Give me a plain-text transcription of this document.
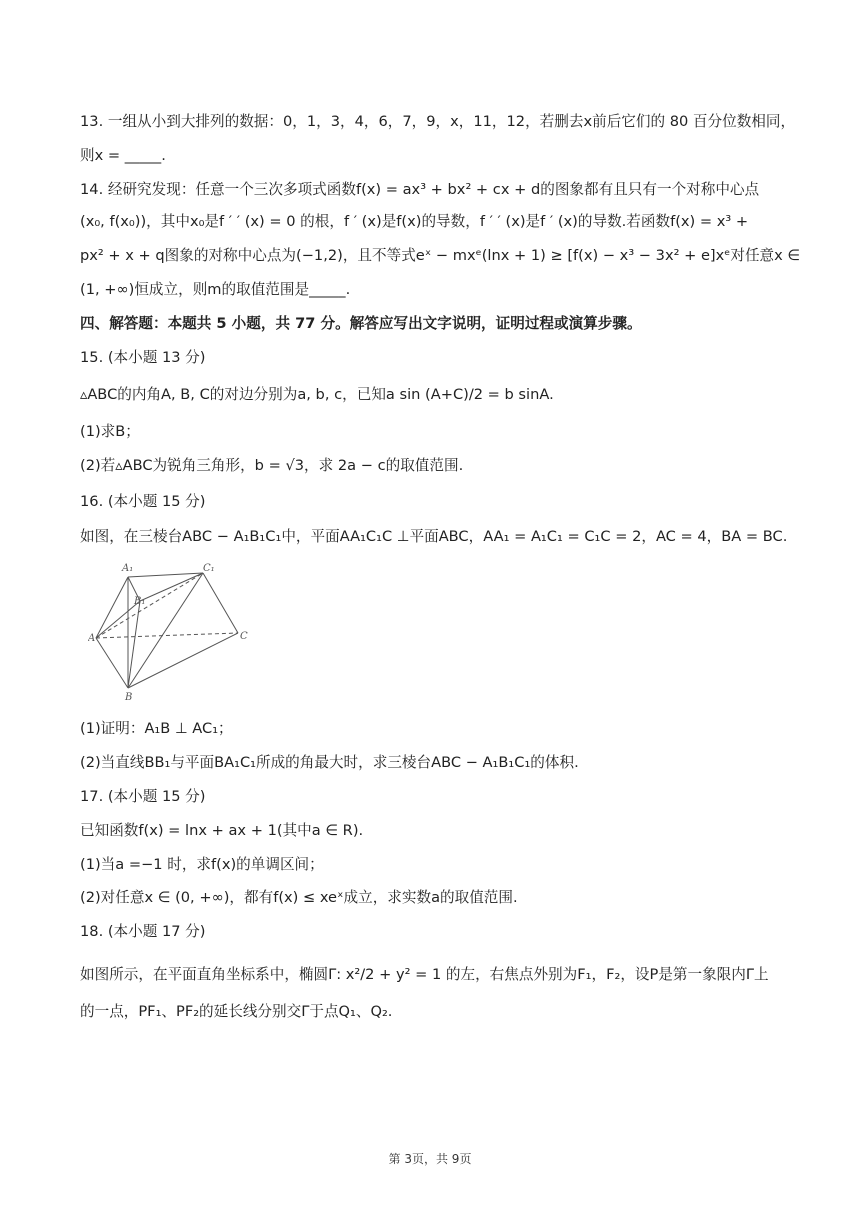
13. 一组从小到大排列的数据：0，1，3，4，6，7，9，x，11，12，若删去x前后它们的 80 百分位数相同，
则x = _____.
14. 经研究发现：任意一个三次多项式函数f(x) = ax³ + bx² + cx + d的图象都有且只有一个对称中心点
(x₀, f(x₀))，其中x₀是f ′ ′ (x) = 0 的根，f ′ (x)是f(x)的导数，f ′ ′ (x)是f ′ (x)的导数.若函数f(x) = x³ +
px² + x + q图象的对称中心点为(−1,2)，且不等式eˣ − mxᵉ(lnx + 1) ≥ [f(x) − x³ − 3x² + e]xᵉ对任意x ∈
(1, +∞)恒成立，则m的取值范围是_____.
四、解答题：本题共 5 小题，共 77 分。解答应写出文字说明，证明过程或演算步骤。
15. (本小题 13 分)
▵ABC的内角A, B, C的对边分别为a, b, c，已知a sin (A+C)/2 = b sinA.
(1)求B；
(2)若▵ABC为锐角三角形，b = √3，求 2a − c的取值范围.
16. (本小题 15 分)
如图，在三棱台ABC − A₁B₁C₁中，平面AA₁C₁C ⊥平面ABC，AA₁ = A₁C₁ = C₁C = 2，AC = 4，BA = BC.
A₁	C₁
B₁
A	C
B
(1)证明：A₁B ⊥ AC₁；
(2)当直线BB₁与平面BA₁C₁所成的角最大时，求三棱台ABC − A₁B₁C₁的体积.
17. (本小题 15 分)
已知函数f(x) = lnx + ax + 1(其中a ∈ R).
(1)当a =−1 时，求f(x)的单调区间；
(2)对任意x ∈ (0, +∞)，都有f(x) ≤ xeˣ成立，求实数a的取值范围.
18. (本小题 17 分)
如图所示，在平面直角坐标系中，椭圆Γ: x²/2 + y² = 1 的左，右焦点外别为F₁，F₂，设P是第一象限内Γ上
的一点，PF₁、PF₂的延长线分别交Γ于点Q₁、Q₂.
第 3页，共 9页
